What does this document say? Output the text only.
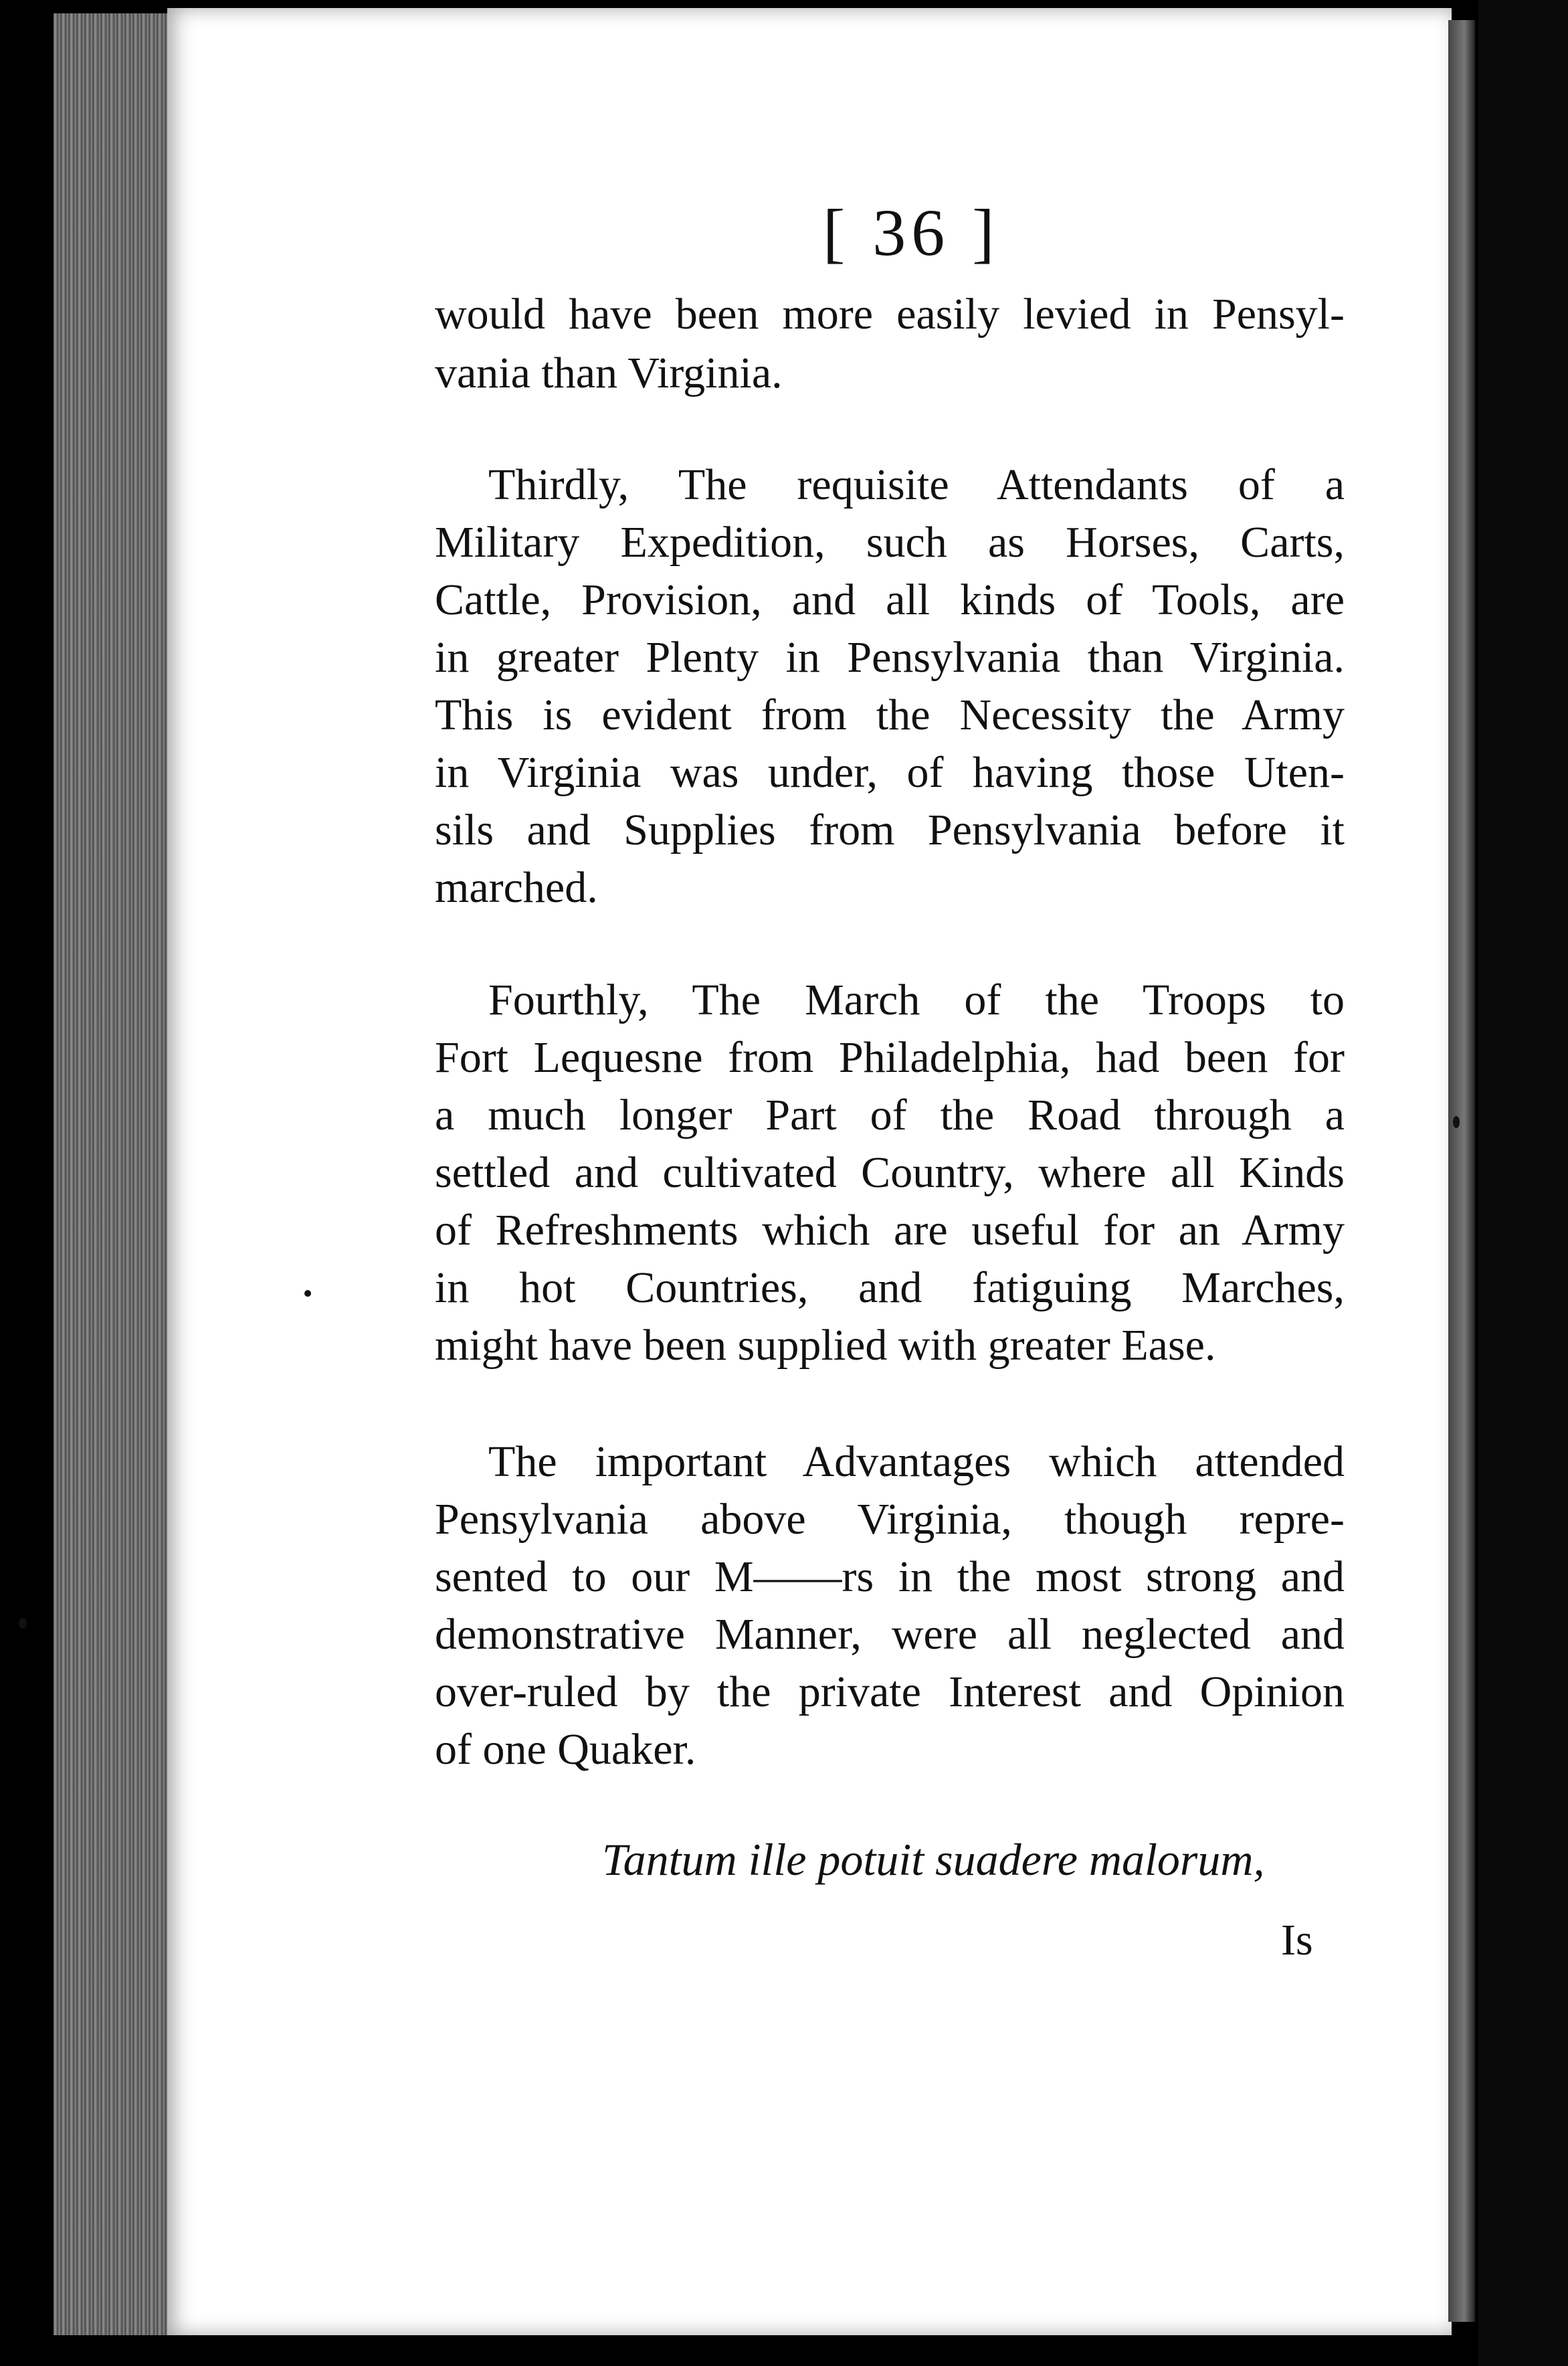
[ 36 ]
would have been more easily levied in Pensyl-
vania than Virginia.
Thirdly, The requisite Attendants of a
Military Expedition, such as Horses, Carts,
Cattle, Provision, and all kinds of Tools, are
in greater Plenty in Pensylvania than Virginia.
This is evident from the Necessity the Army
in Virginia was under, of having those Uten-
sils and Supplies from Pensylvania before it
marched.
Fourthly, The March of the Troops to
Fort Lequesne from Philadelphia, had been for
a much longer Part of the Road through a
settled and cultivated Country, where all Kinds
of Refreshments which are useful for an Army
in hot Countries, and fatiguing Marches,
might have been supplied with greater Ease.
The important Advantages which attended
Pensylvania above Virginia, though repre-
sented to our M——rs in the most strong and
demonstrative Manner, were all neglected and
over-ruled by the private Interest and Opinion
of one Quaker.
Tantum ille potuit suadere malorum,
Is
